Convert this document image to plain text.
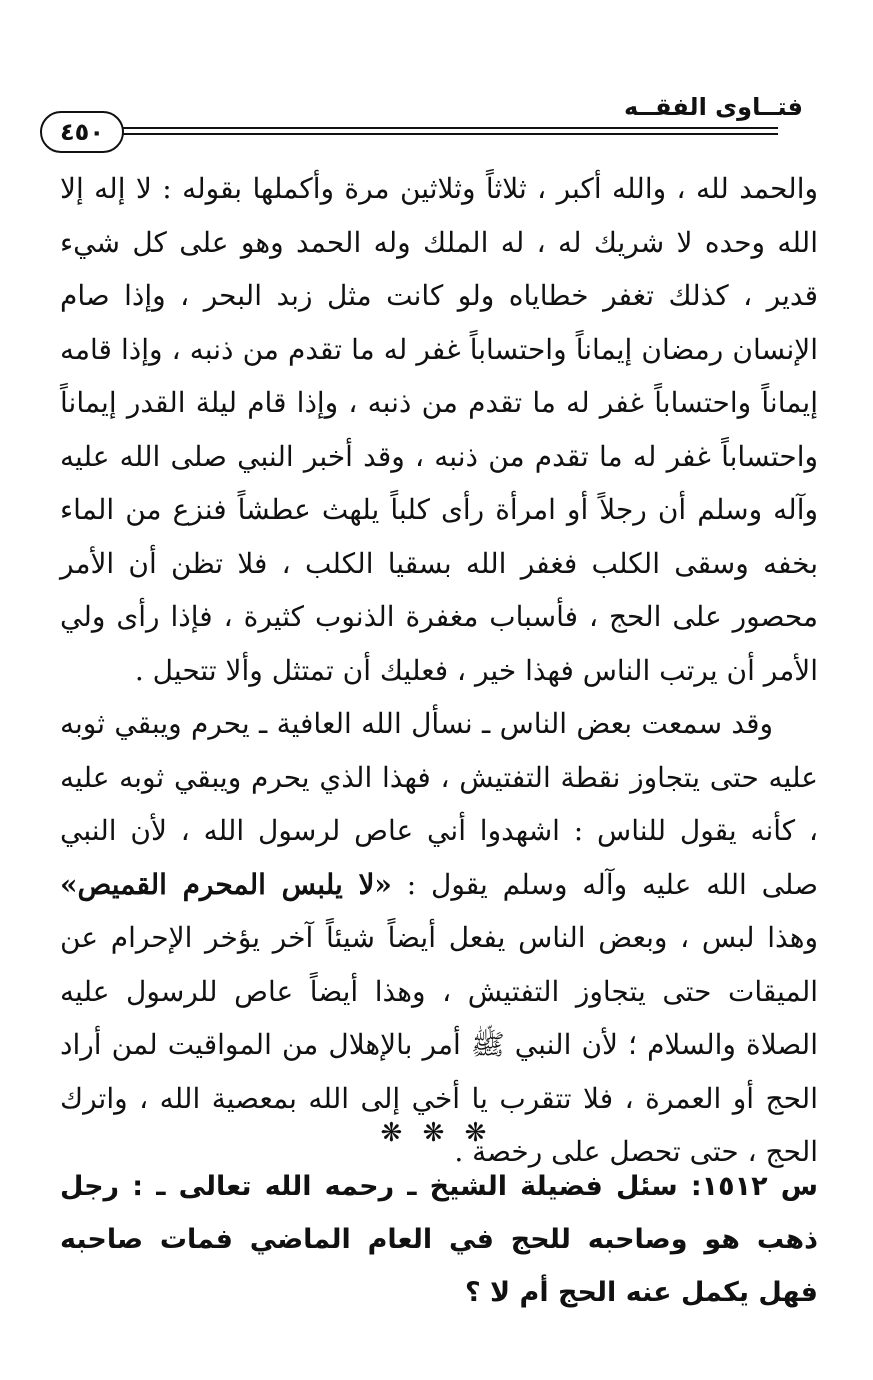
فتــاوى الفقــه
٤٥٠

والحمد لله ، والله أكبر ، ثلاثاً وثلاثين مرة وأكملها بقوله : لا إله إلا الله وحده لا شريك له ، له الملك وله الحمد وهو على كل شيء قدير ، كذلك تغفر خطاياه ولو كانت مثل زبد البحر ، وإذا صام الإنسان رمضان إيماناً واحتساباً غفر له ما تقدم من ذنبه ، وإذا قامه إيماناً واحتساباً غفر له ما تقدم من ذنبه ، وإذا قام ليلة القدر إيماناً واحتساباً غفر له ما تقدم من ذنبه ، وقد أخبر النبي صلى الله عليه وآله وسلم أن رجلاً أو امرأة رأى كلباً يلهث عطشاً فنزع من الماء بخفه وسقى الكلب فغفر الله بسقيا الكلب ، فلا تظن أن الأمر محصور على الحج ، فأسباب مغفرة الذنوب كثيرة ، فإذا رأى ولي الأمر أن يرتب الناس فهذا خير ، فعليك أن تمتثل وألا تتحيل .

وقد سمعت بعض الناس ـ نسأل الله العافية ـ يحرم ويبقي ثوبه عليه حتى يتجاوز نقطة التفتيش ، فهذا الذي يحرم ويبقي ثوبه عليه ، كأنه يقول للناس : اشهدوا أني عاص لرسول الله ، لأن النبي صلى الله عليه وآله وسلم يقول : «لا يلبس المحرم القميص» وهذا لبس ، وبعض الناس يفعل أيضاً شيئاً آخر يؤخر الإحرام عن الميقات حتى يتجاوز التفتيش ، وهذا أيضاً عاص للرسول عليه الصلاة والسلام ؛ لأن النبي ﷺ أمر بالإهلال من المواقيت لمن أراد الحج أو العمرة ، فلا تتقرب يا أخي إلى الله بمعصية الله ، واترك الحج ، حتى تحصل على رخصة .

❋ ❋ ❋

س ١٥١٢: سئل فضيلة الشيخ ـ رحمه الله تعالى ـ : رجل ذهب هو وصاحبه للحج في العام الماضي فمات صاحبه فهل يكمل عنه الحج أم لا ؟
